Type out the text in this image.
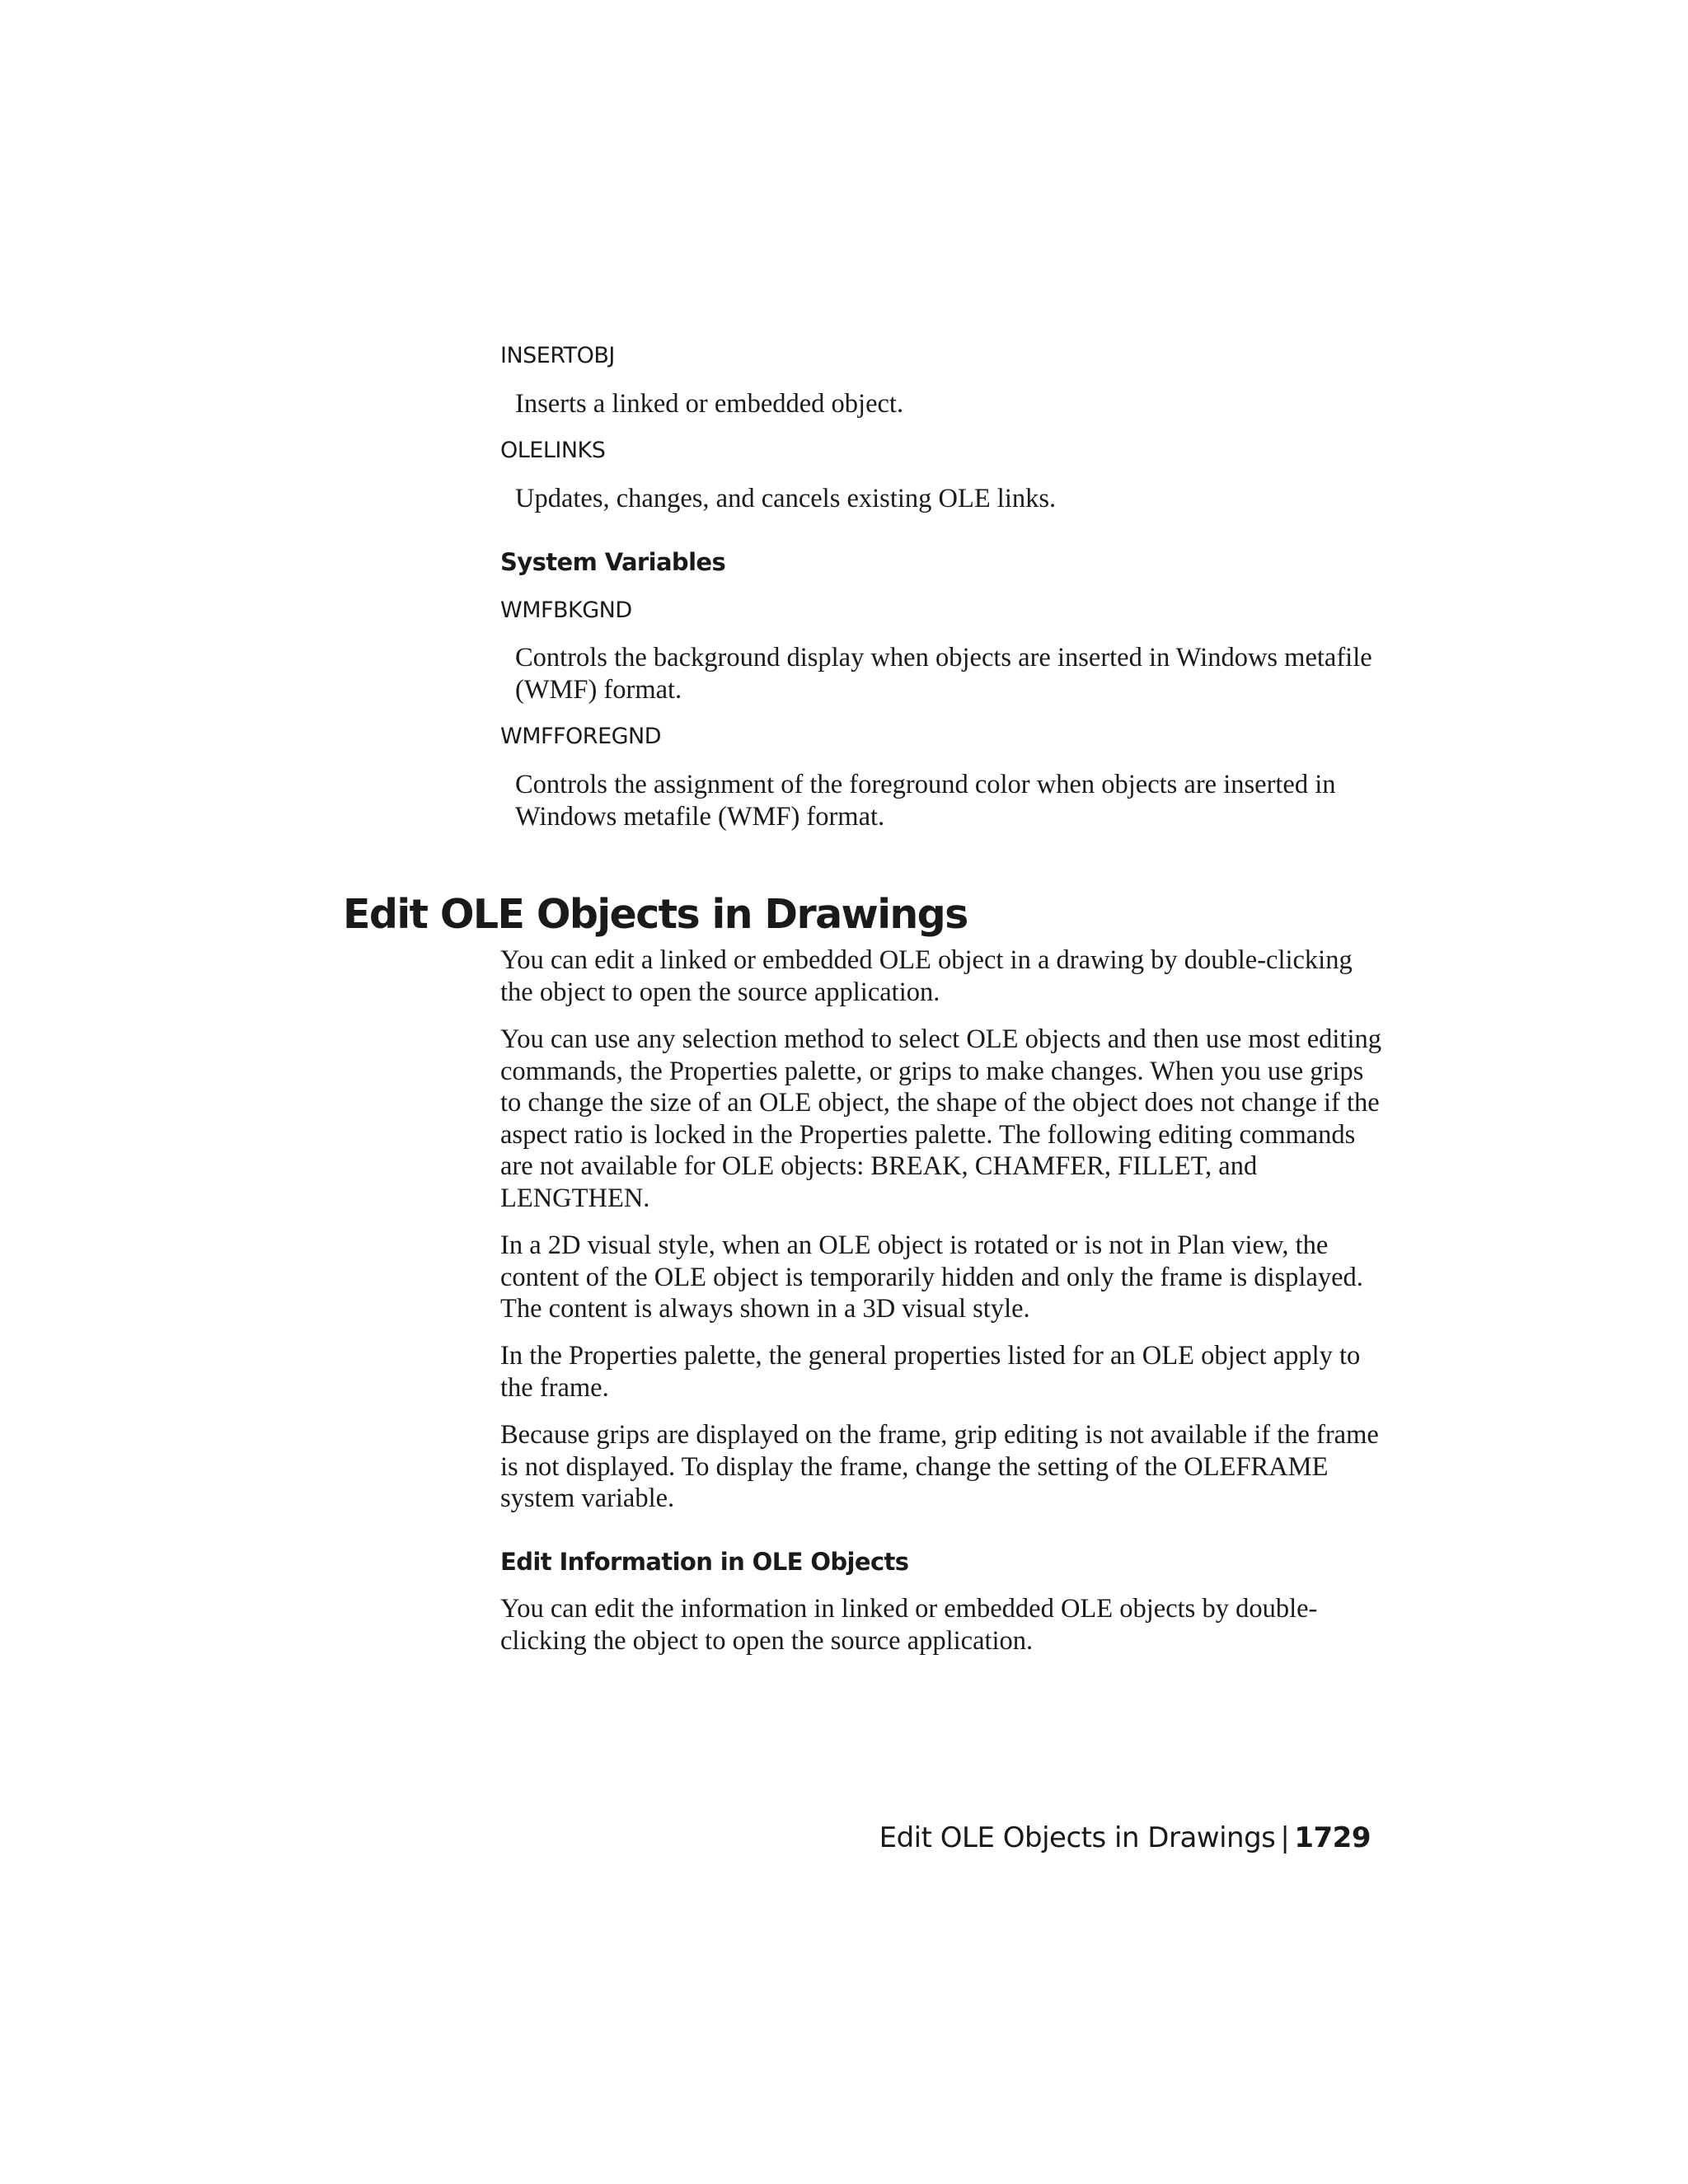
INSERTOBJ
Inserts a linked or embedded object.
OLELINKS
Updates, changes, and cancels existing OLE links.
System Variables
WMFBKGND
Controls the background display when objects are inserted in Windows metafile (WMF) format.
WMFFOREGND
Controls the assignment of the foreground color when objects are inserted in Windows metafile (WMF) format.
Edit OLE Objects in Drawings
You can edit a linked or embedded OLE object in a drawing by double-clicking the object to open the source application.
You can use any selection method to select OLE objects and then use most editing commands, the Properties palette, or grips to make changes. When you use grips to change the size of an OLE object, the shape of the object does not change if the aspect ratio is locked in the Properties palette. The following editing commands are not available for OLE objects: BREAK, CHAMFER, FILLET, and LENGTHEN.
In a 2D visual style, when an OLE object is rotated or is not in Plan view, the content of the OLE object is temporarily hidden and only the frame is displayed. The content is always shown in a 3D visual style.
In the Properties palette, the general properties listed for an OLE object apply to the frame.
Because grips are displayed on the frame, grip editing is not available if the frame is not displayed. To display the frame, change the setting of the OLEFRAME system variable.
Edit Information in OLE Objects
You can edit the information in linked or embedded OLE objects by double-clicking the object to open the source application.
Edit OLE Objects in Drawings | 1729
